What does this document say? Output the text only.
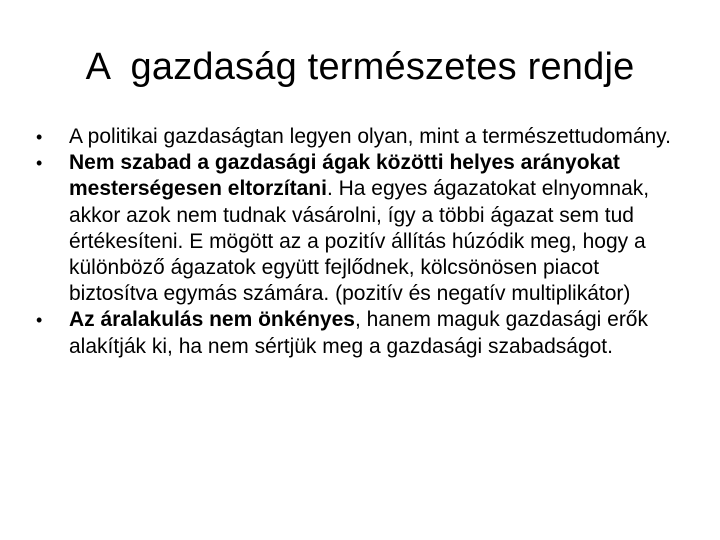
A  gazdaság természetes rendje
•	A politikai gazdaságtan legyen olyan, mint a természettudomány.
•	Nem szabad a gazdasági ágak közötti helyes arányokat mesterségesen eltorzítani. Ha egyes ágazatokat elnyomnak, akkor azok nem tudnak vásárolni, így a többi ágazat sem tud értékesíteni. E mögött az a pozitív állítás húzódik meg, hogy a különböző ágazatok együtt fejlődnek, kölcsönösen piacot biztosítva egymás számára. (pozitív és negatív multiplikátor)
•	Az áralakulás nem önkényes, hanem maguk gazdasági erők alakítják ki, ha nem sértjük meg a gazdasági szabadságot.
